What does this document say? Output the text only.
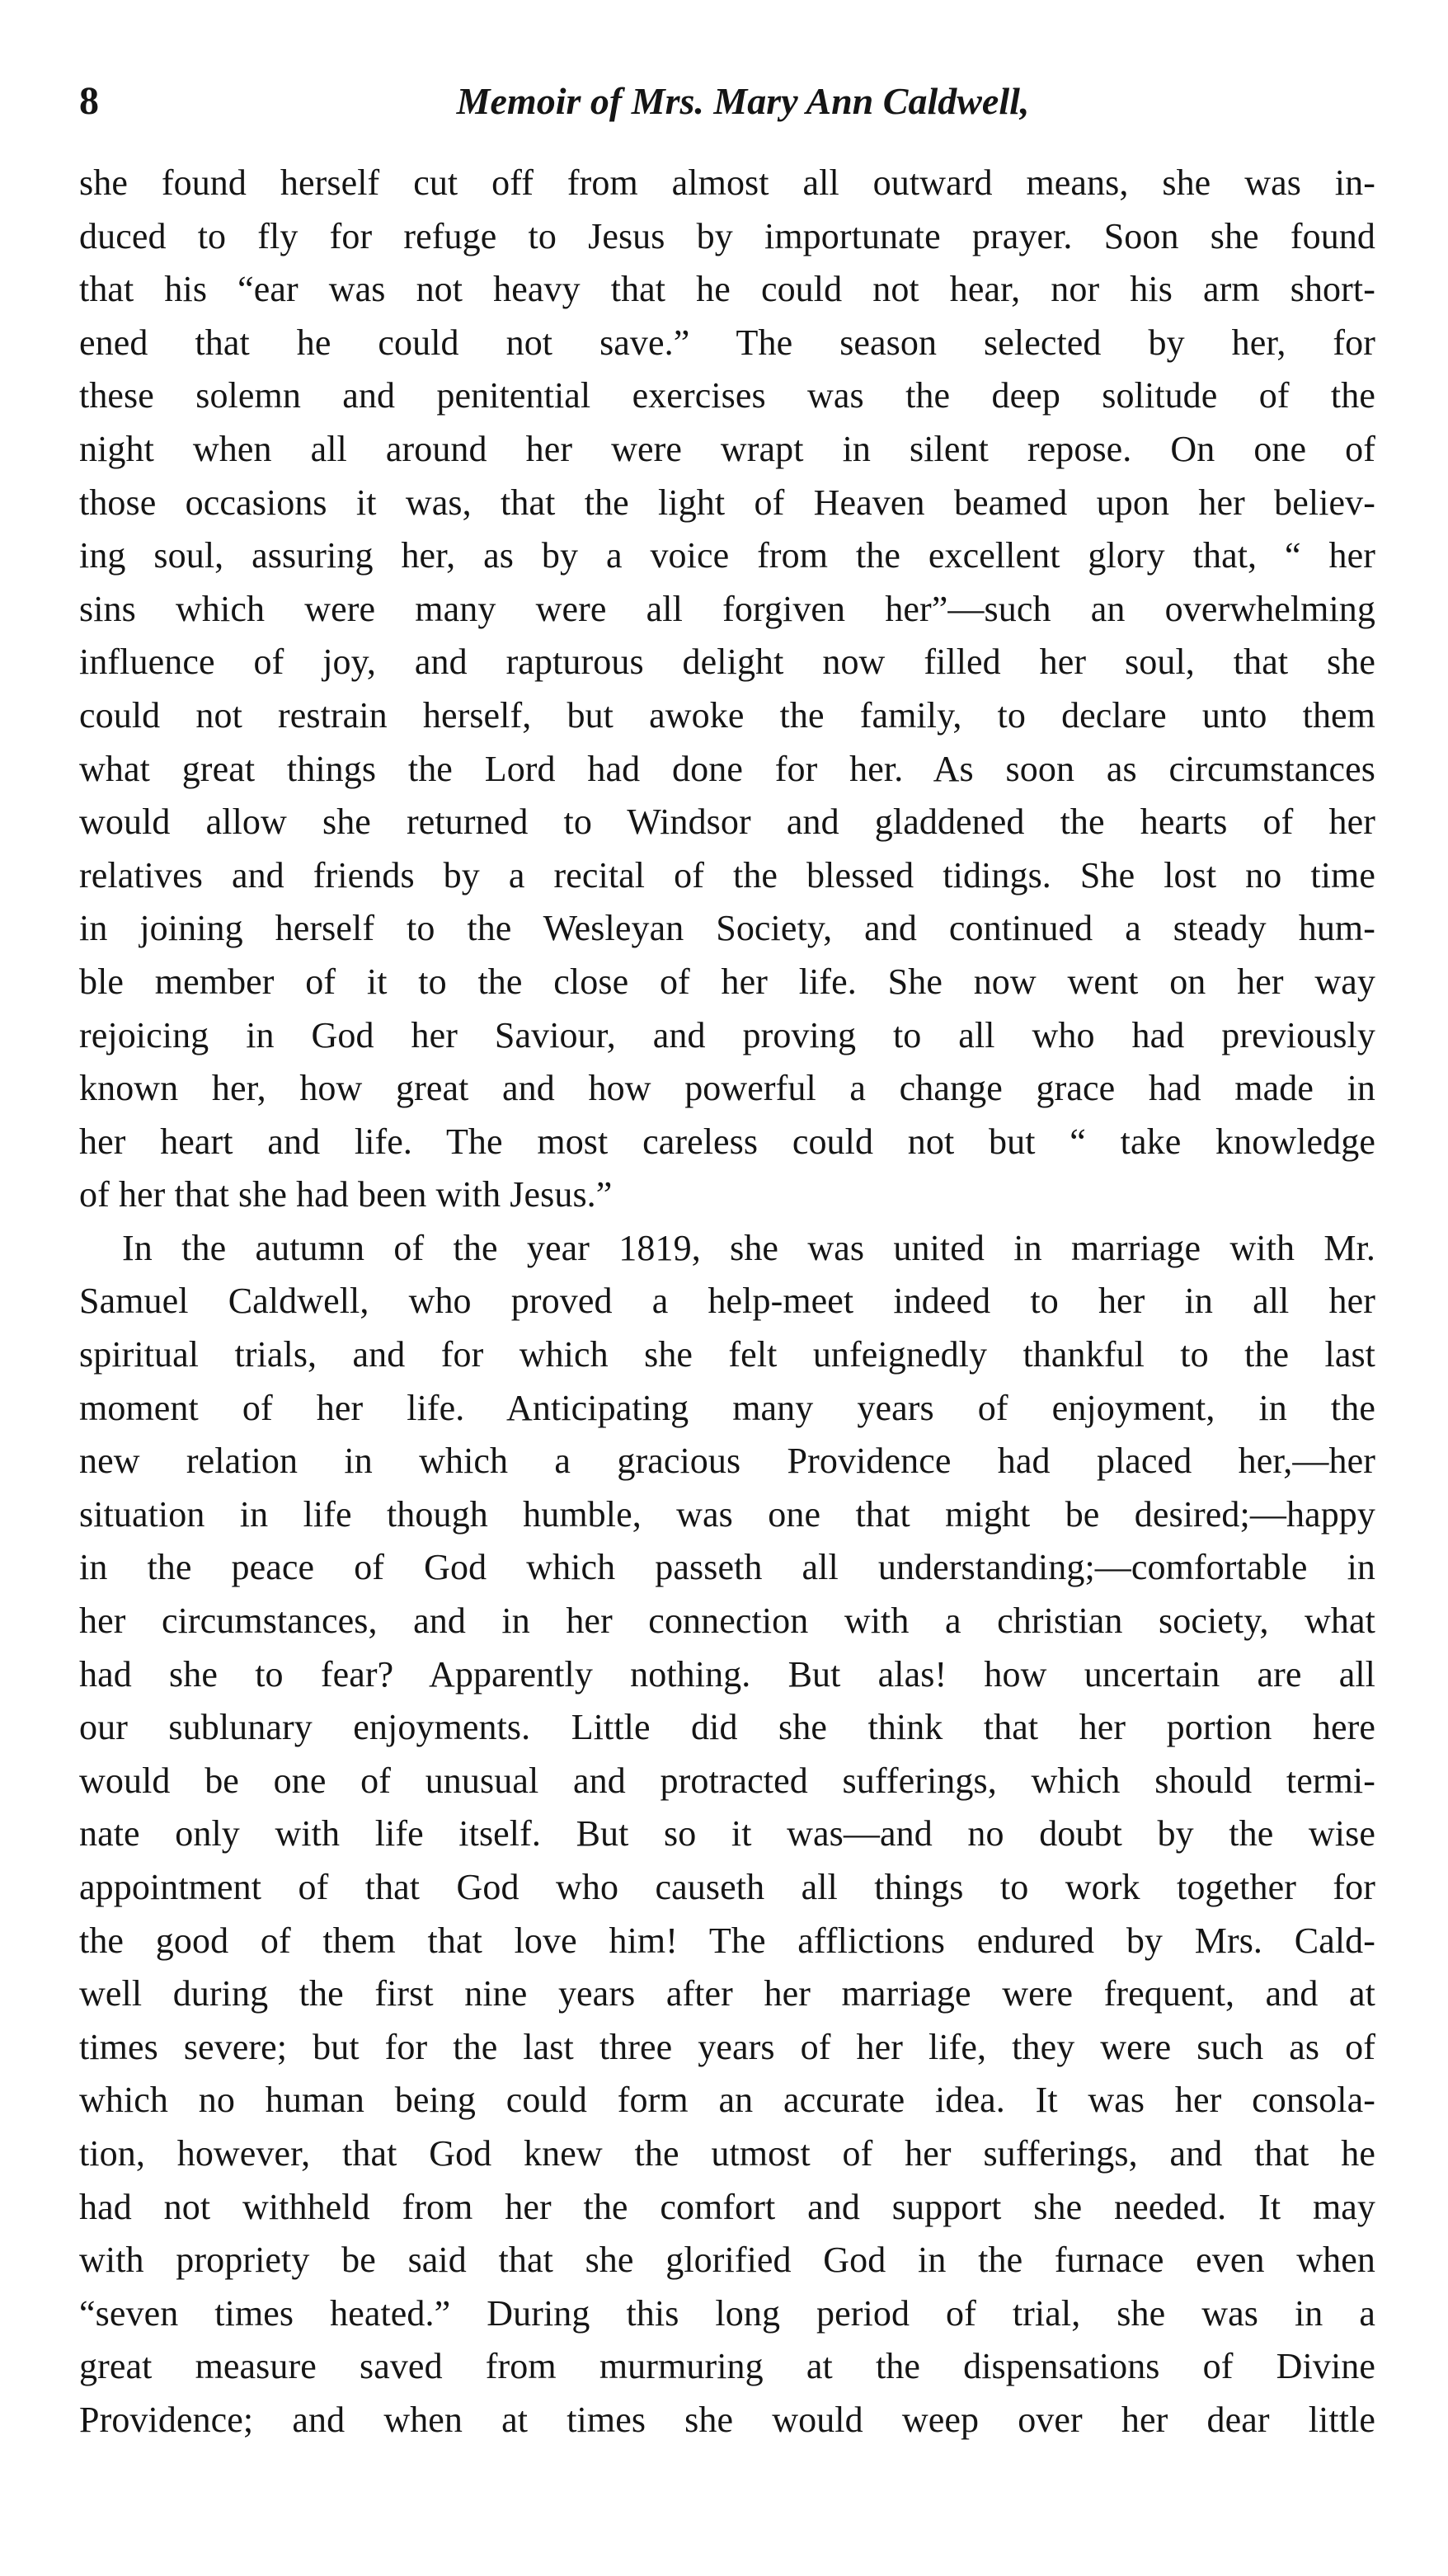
8	Memoir of Mrs. Mary Ann Caldwell,
she found herself cut off from almost all outward means, she was in-
duced to fly for refuge to Jesus by importunate prayer. Soon she found
that his “ear was not heavy that he could not hear, nor his arm short-
ened that he could not save.” The season selected by her, for
these solemn and penitential exercises was the deep solitude of the
night when all around her were wrapt in silent repose. On one of
those occasions it was, that the light of Heaven beamed upon her believ-
ing soul, assuring her, as by a voice from the excellent glory that, “ her
sins which were many were all forgiven her”—such an overwhelming
influence of joy, and rapturous delight now filled her soul, that she
could not restrain herself, but awoke the family, to declare unto them
what great things the Lord had done for her. As soon as circumstances
would allow she returned to Windsor and gladdened the hearts of her
relatives and friends by a recital of the blessed tidings. She lost no time
in joining herself to the Wesleyan Society, and continued a steady hum-
ble member of it to the close of her life. She now went on her way
rejoicing in God her Saviour, and proving to all who had previously
known her, how great and how powerful a change grace had made in
her heart and life. The most careless could not but “ take knowledge
of her that she had been with Jesus.”
In the autumn of the year 1819, she was united in marriage with Mr.
Samuel Caldwell, who proved a help-meet indeed to her in all her
spiritual trials, and for which she felt unfeignedly thankful to the last
moment of her life. Anticipating many years of enjoyment, in the
new relation in which a gracious Providence had placed her,—her
situation in life though humble, was one that might be desired;—happy
in the peace of God which passeth all understanding;—comfortable in
her circumstances, and in her connection with a christian society, what
had she to fear? Apparently nothing. But alas! how uncertain are all
our sublunary enjoyments. Little did she think that her portion here
would be one of unusual and protracted sufferings, which should termi-
nate only with life itself. But so it was—and no doubt by the wise
appointment of that God who causeth all things to work together for
the good of them that love him! The afflictions endured by Mrs. Cald-
well during the first nine years after her marriage were frequent, and at
times severe; but for the last three years of her life, they were such as of
which no human being could form an accurate idea. It was her consola-
tion, however, that God knew the utmost of her sufferings, and that he
had not withheld from her the comfort and support she needed. It may
with propriety be said that she glorified God in the furnace even when
“seven times heated.” During this long period of trial, she was in a
great measure saved from murmuring at the dispensations of Divine
Providence; and when at times she would weep over her dear little
